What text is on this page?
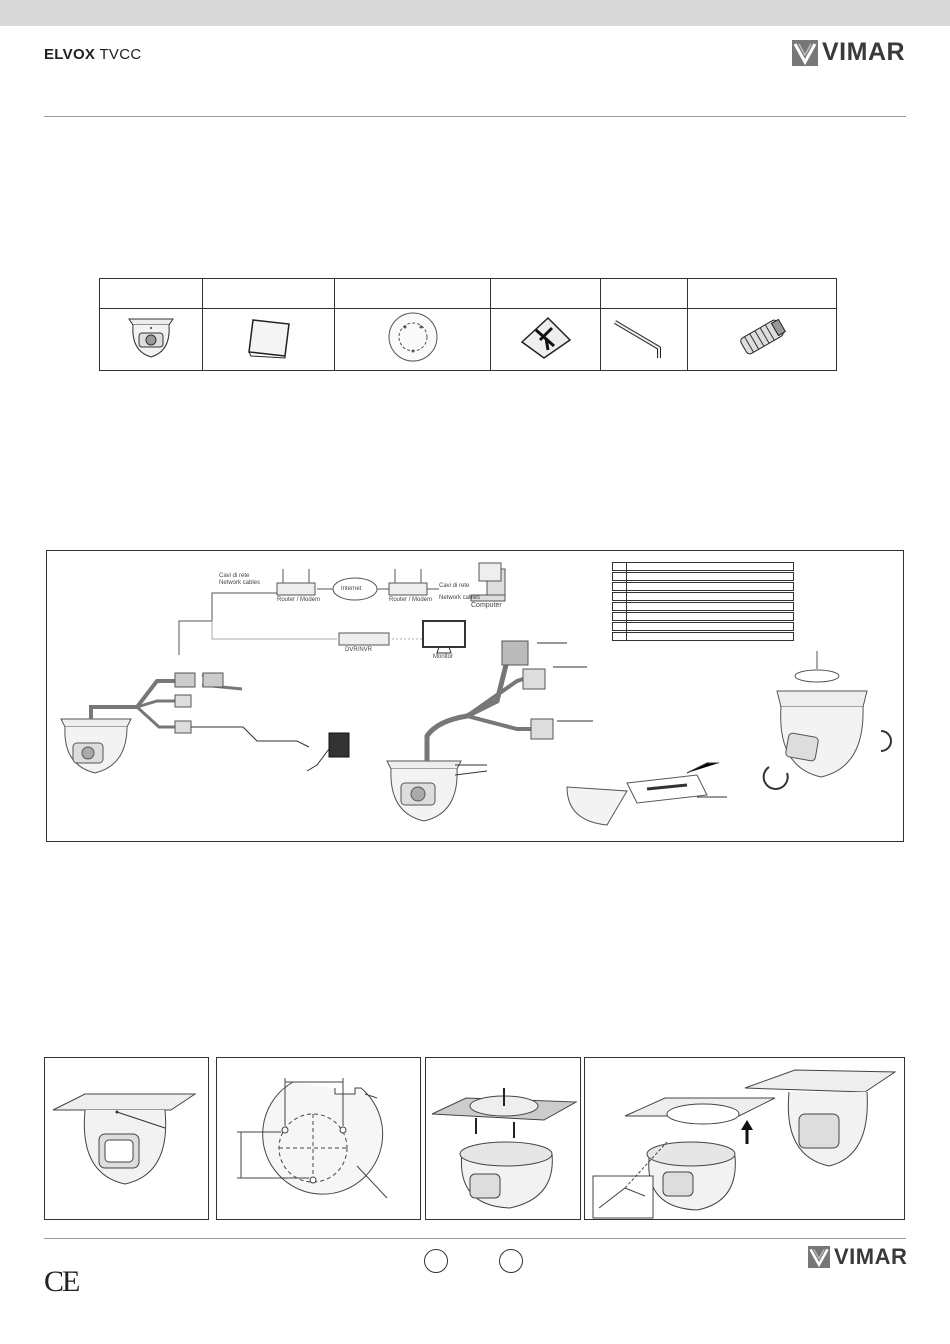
ELVOX TVCC	VIMAR

Cavi di rete
Network cables
Router / Modem
Internet
Router / Modem
Cavi di rete
Network cables
Computer
DVR/NVR
Monitor
CE
VIMAR
